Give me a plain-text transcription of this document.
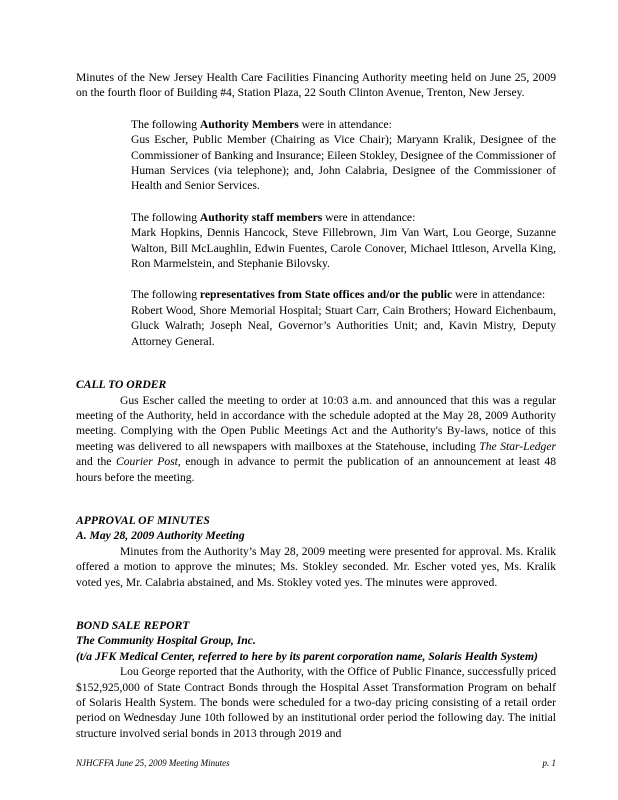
Minutes of the New Jersey Health Care Facilities Financing Authority meeting held on June 25, 2009 on the fourth floor of Building #4, Station Plaza, 22 South Clinton Avenue, Trenton, New Jersey.

The following Authority Members were in attendance:

Gus Escher, Public Member (Chairing as Vice Chair); Maryann Kralik, Designee of the Commissioner of Banking and Insurance; Eileen Stokley, Designee of the Commissioner of Human Services (via telephone); and, John Calabria, Designee of the Commissioner of Health and Senior Services.

The following Authority staff members were in attendance:

Mark Hopkins, Dennis Hancock, Steve Fillebrown, Jim Van Wart, Lou George, Suzanne Walton, Bill McLaughlin, Edwin Fuentes, Carole Conover, Michael Ittleson, Arvella King, Ron Marmelstein, and Stephanie Bilovsky.

The following representatives from State offices and/or the public were in attendance:

Robert Wood, Shore Memorial Hospital; Stuart Carr, Cain Brothers; Howard Eichenbaum, Gluck Walrath; Joseph Neal, Governor’s Authorities Unit; and, Kavin Mistry, Deputy Attorney General.

CALL TO ORDER

Gus Escher called the meeting to order at 10:03 a.m. and announced that this was a regular meeting of the Authority, held in accordance with the schedule adopted at the May 28, 2009 Authority meeting. Complying with the Open Public Meetings Act and the Authority's By-laws, notice of this meeting was delivered to all newspapers with mailboxes at the Statehouse, including The Star-Ledger and the Courier Post, enough in advance to permit the publication of an announcement at least 48 hours before the meeting.

APPROVAL OF MINUTES

A. May 28, 2009 Authority Meeting

Minutes from the Authority’s May 28, 2009 meeting were presented for approval. Ms. Kralik offered a motion to approve the minutes; Ms. Stokley seconded. Mr. Escher voted yes, Ms. Kralik voted yes, Mr. Calabria abstained, and Ms. Stokley voted yes. The minutes were approved.

BOND SALE REPORT

The Community Hospital Group, Inc.

(t/a JFK Medical Center, referred to here by its parent corporation name, Solaris Health System)

Lou George reported that the Authority, with the Office of Public Finance, successfully priced $152,925,000 of State Contract Bonds through the Hospital Asset Transformation Program on behalf of Solaris Health System. The bonds were scheduled for a two-day pricing consisting of a retail order period on Wednesday June 10th followed by an institutional order period the following day. The initial structure involved serial bonds in 2013 through 2019 and

NJHCFFA June 25, 2009 Meeting Minutes	p. 1
